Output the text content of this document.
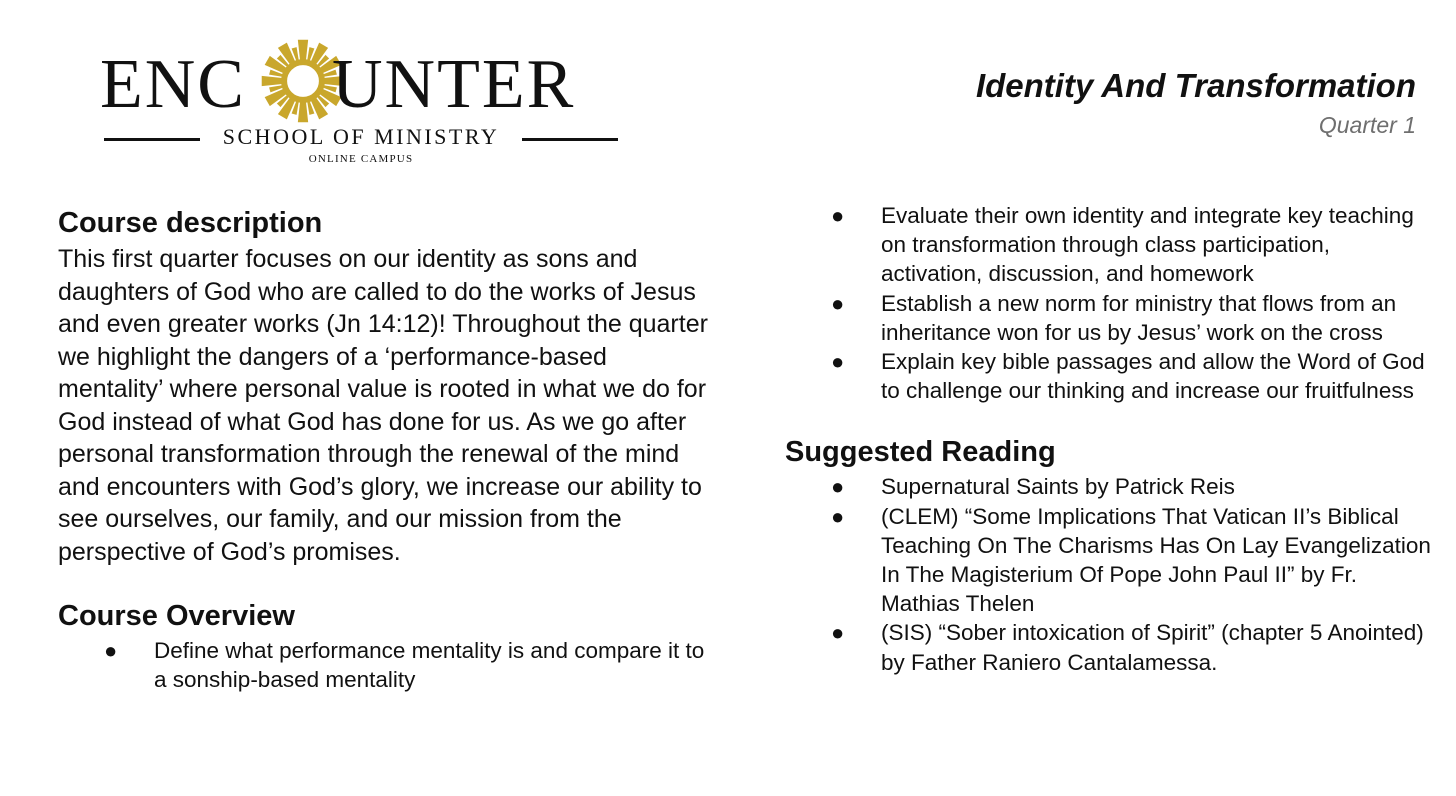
ENC UNTER
SCHOOL OF MINISTRY
ONLINE CAMPUS
Identity And Transformation
Quarter 1
Course description

This first quarter focuses on our identity as sons and daughters of God who are called to do the works of Jesus and even greater works (Jn 14:12)! Throughout the quarter we highlight the dangers of a ‘performance-based mentality’ where personal value is rooted in what we do for God instead of what God has done for us. As we go after personal transformation through the renewal of the mind and encounters with God’s glory, we increase our ability to see ourselves, our family, and our mission from the perspective of God’s promises.

Course Overview
● Define what performance mentality is and compare it to a sonship-based mentality
● Evaluate their own identity and integrate key teaching on transformation through class participation, activation, discussion, and homework
● Establish a new norm for ministry that flows from an inheritance won for us by Jesus’ work on the cross
● Explain key bible passages and allow the Word of God to challenge our thinking and increase our fruitfulness
Suggested Reading
● Supernatural Saints by Patrick Reis
● (CLEM) “Some Implications That Vatican II’s Biblical Teaching On The Charisms Has On Lay Evangelization In The Magisterium Of Pope John Paul II” by Fr. Mathias Thelen
● (SIS) “Sober intoxication of Spirit” (chapter 5 Anointed) by Father Raniero Cantalamessa.
